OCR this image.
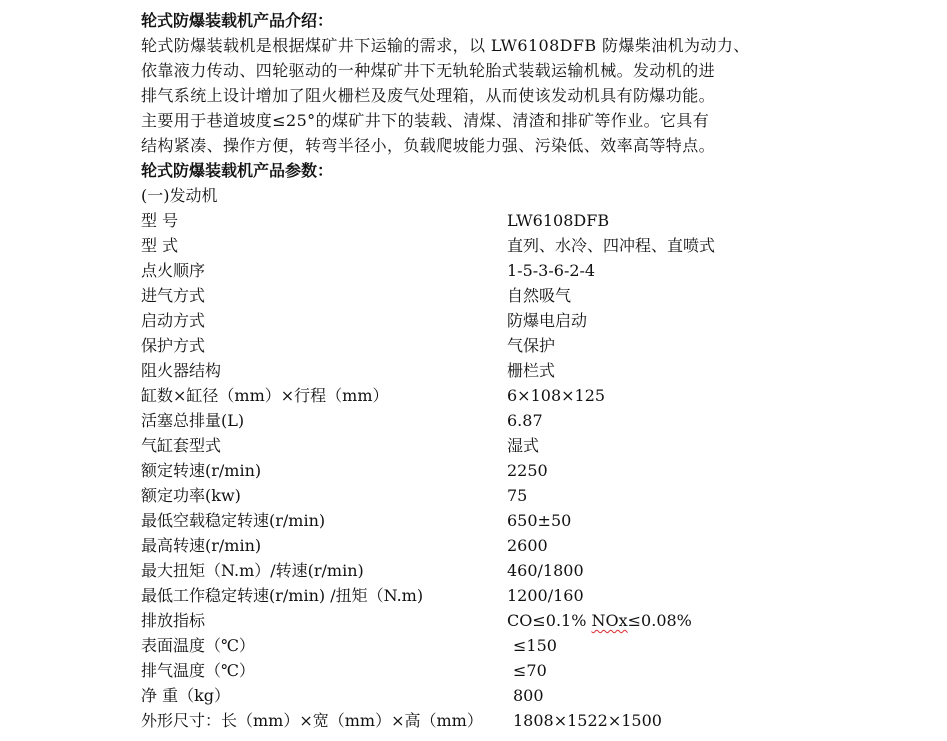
轮式防爆装载机产品介绍：
轮式防爆装载机是根据煤矿井下运输的需求，以 LW6108DFB 防爆柴油机为动力、
依靠液力传动、四轮驱动的一种煤矿井下无轨轮胎式装载运输机械。发动机的进
排气系统上设计增加了阻火栅栏及废气处理箱，从而使该发动机具有防爆功能。
主要用于巷道坡度≤25°的煤矿井下的装载、清煤、清渣和排矿等作业。它具有
结构紧凑、操作方便，转弯半径小，负载爬坡能力强、污染低、效率高等特点。
轮式防爆装载机产品参数：
(一)发动机
型 号	LW6108DFB
型 式	直列、水冷、四冲程、直喷式
点火顺序	1-5-3-6-2-4
进气方式	自然吸气
启动方式	防爆电启动
保护方式	气保护
阻火器结构	栅栏式
缸数×缸径（mm）×行程（mm）	6×108×125
活塞总排量(L)	6.87
气缸套型式	湿式
额定转速(r/min)	2250
额定功率(kw)	75
最低空载稳定转速(r/min)	650±50
最高转速(r/min)	2600
最大扭矩（N.m）/转速(r/min)	460/1800
最低工作稳定转速(r/min) /扭矩（N.m)	1200/160
排放指标	CO≤0.1% NOx≤0.08%
表面温度（℃）	≤150
排气温度（℃）	≤70
净 重（kg）	800
外形尺寸：长（mm）×宽（mm）×高（mm） 1808×1522×1500
